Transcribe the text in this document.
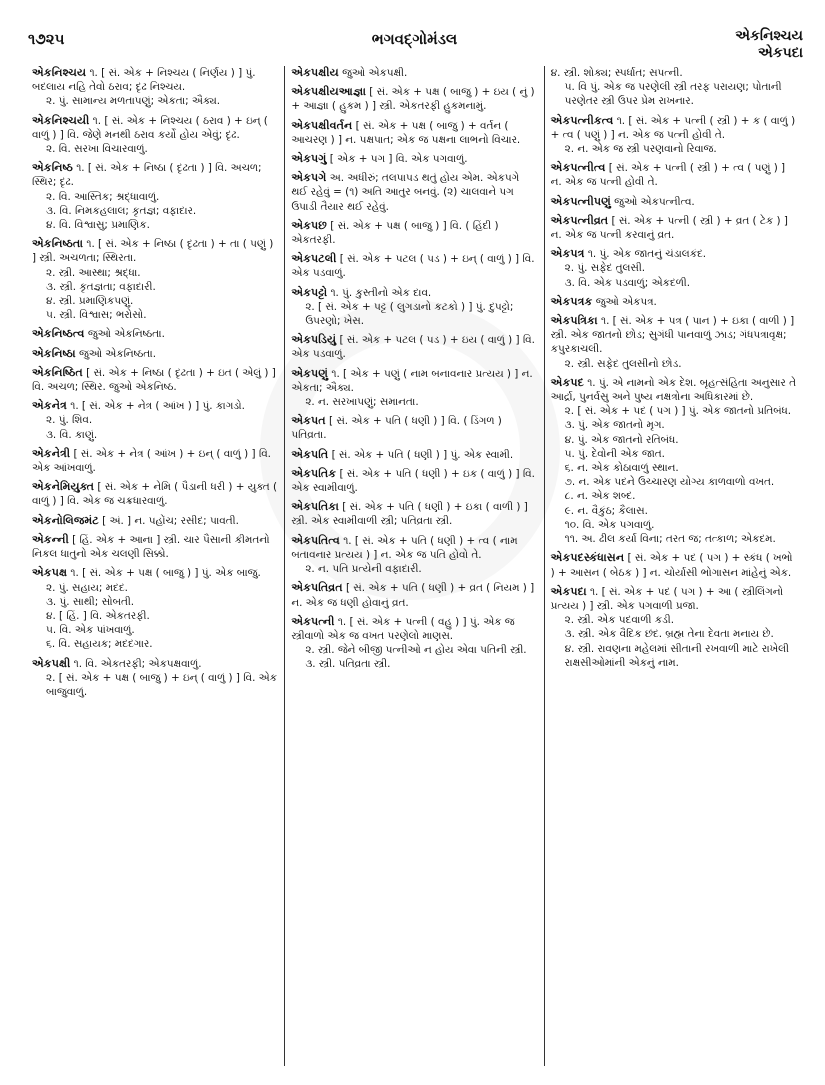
૧૭૨૫	ભગવદ્ગોમંડલ	એકનિશ્ચય
એકપદા
એકનિશ્ચય ૧. [ સં. એક + નિશ્ચય ( નિર્ણય ) ] પું. બદલાય નહિ તેવો ઠરાવ; દૃઢ નિશ્ચય.
૨. પું. સામાન્ય મળતાપણું; એકતા; ઐક્ય.
એકનિશ્ચયી ૧. [ સં. એક + નિશ્ચય ( ઠરાવ ) + ઇન્ ( વાળું ) ] વિ. જેણે મનથી ઠરાવ કર્યો હોય એવું; દૃઢ.
૨. વિ. સરખા વિચારવાળું.
એકનિષ્ઠ ૧. [ સં. એક + નિષ્ઠા ( દૃઢતા ) ] વિ. અચળ; સ્થિર; દૃઢ.
૨. વિ. આસ્તિક; શ્રદ્ધાવાળું.
૩. વિ. નિમકહલાલ; કૃતજ્ઞ; વફાદાર.
૪. વિ. વિશ્વાસુ; પ્રમાણિક.
એકનિષ્ઠતા ૧. [ સં. એક + નિષ્ઠા ( દૃઢતા ) + તા ( પણું ) ] સ્ત્રી. અચળતા; સ્થિરતા.
૨. સ્ત્રી. આસ્થા; શ્રદ્ધા.
૩. સ્ત્રી. કૃતજ્ઞતા; વફાદારી.
૪. સ્ત્રી. પ્રમાણિકપણું.
૫. સ્ત્રી. વિશ્વાસ; ભરોસો.
એકનિષ્ઠત્વ જુઓ એકનિષ્ઠતા.
એકનિષ્ઠા જુઓ એકનિષ્ઠતા.
એકનિષ્ઠિત [ સં. એક + નિષ્ઠા ( દૃઢતા ) + ઇત ( એલું ) ] વિ. અચળ; સ્થિર. જુઓ એકનિષ્ઠ.
એકનેત્ર ૧. [ સં. એક + નેત્ર ( આંખ ) ] પું. કાગડો.
૨. પું. શિવ.
૩. વિ. કાણું.
એકનેત્રી [ સં. એક + નેત્ર ( આંખ ) + ઇન્ ( વાળું ) ] વિ. એક આંખવાળું.
એકનેમિયુક્ત [ સં. એક + નેમિ ( પૈડાની ધરી ) + યુક્ત ( વાળું ) ] વિ. એક જ ચક્રધારવાળું.
એકનોલિજમંટ [ અં. ] ન. પહોંચ; રસીદ; પાવતી.
એકન્ની [ હિં. એક + આના ] સ્ત્રી. ચાર પૈસાની કીમતનો નિકલ ધાતુનો એક ચલણી સિક્કો.
એકપક્ષ ૧. [ સં. એક + પક્ષ ( બાજુ ) ] પું. એક બાજુ.
૨. પું. સહાય; મદદ.
૩. પું. સાથી; સોબતી.
૪. [ હિં. ] વિ. એકતરફી.
૫. વિ. એક પાંખવાળું.
૬. વિ. સહાયક; મદદગાર.
એકપક્ષી ૧. વિ. એકતરફી; એકપક્ષવાળું.
૨. [ સં. એક + પક્ષ ( બાજુ ) + ઇન્ ( વાળું ) ] વિ. એક બાજુવાળું.
એકપક્ષીય જુઓ એકપક્ષી.
એકપક્ષીયઆજ્ઞા [ સં. એક + પક્ષ ( બાજુ ) + ઇય ( નું ) + આજ્ઞા ( હુકમ ) ] સ્ત્રી. એકતરફી હુકમનામું.
એકપક્ષીવર્તન [ સં. એક + પક્ષ ( બાજુ ) + વર્તન ( આચરણ ) ] ન. પક્ષપાત; એક જ પક્ષના લાભનો વિચાર.
એકપગું [ એક + પગ ] વિ. એક પગવાળું.
એકપગે અ. અધીરું; તલપાપડ થતું હોય એમ. એકપગે થઈ રહેવું = (૧) અતિ આતુર બનવું. (૨) ચાલવાને પગ ઉપાડી તૈયાર થઈ રહેવું.
એકપછ [ સં. એક + પક્ષ ( બાજુ ) ] વિ. ( હિંદી ) એકતરફી.
એકપટલી [ સં. એક + પટલ ( પડ ) + ઇન્ ( વાળું ) ] વિ. એક પડવાળું.
એકપટ્ટો ૧. પું. કુસ્તીનો એક દાવ.
૨. [ સં. એક + પટ્ટ ( લુગડાનો કટકો ) ] પું. દુપટ્ટો; ઉપરણો; ખેસ.
એકપડિયું [ સં. એક + પટલ ( પડ ) + ઇય ( વાળું ) ] વિ. એક પડવાળું.
એકપણું ૧. [ એક + પણું ( નામ બનાવનાર પ્રત્યય ) ] ન. એકતા; ઐક્ય.
૨. ન. સરખાપણું; સમાનતા.
એકપત [ સં. એક + પતિ ( ધણી ) ] વિ. ( ડિંગળ ) પતિવ્રતા.
એકપતિ [ સં. એક + પતિ ( ધણી ) ] પું. એક સ્વામી.
એકપતિક [ સં. એક + પતિ ( ધણી ) + ઇક ( વાળું ) ] વિ. એક સ્વામીવાળું.
એકપતિકા [ સં. એક + પતિ ( ધણી ) + ઇકા ( વાળી ) ] સ્ત્રી. એક સ્વામીવાળી સ્ત્રી; પતિવ્રતા સ્ત્રી.
એકપતિત્વ ૧. [ સં. એક + પતિ ( ધણી ) + ત્વ ( નામ બતાવનાર પ્રત્યય ) ] ન. એક જ પતિ હોવો તે.
૨. ન. પતિ પ્રત્યેની વફાદારી.
એકપતિવ્રત [ સં. એક + પતિ ( ધણી ) + વ્રત ( નિયમ ) ] ન. એક જ ધણી હોવાનું વ્રત.
એકપત્ની ૧. [ સં. એક + પત્ની ( વહુ ) ] પું. એક જ સ્ત્રીવાળો એક જ વખત પરણેલો માણસ.
૨. સ્ત્રી. જેને બીજી પત્નીઓ ન હોય એવા પતિની સ્ત્રી.
૩. સ્ત્રી. પતિવ્રતા સ્ત્રી.
૪. સ્ત્રી. શોક્ય; સ્પર્ધાત; સપત્ની.
૫. વિ પું. એક જ પરણેલી સ્ત્રી તરફ પરાયણ; પોતાની પરણેતર સ્ત્રી ઉપર પ્રેમ રાખનાર.
એકપત્નીકત્વ ૧. [ સં. એક + પત્ની ( સ્ત્રી ) + ક ( વાળું ) + ત્વ ( પણું ) ] ન. એક જ પત્ની હોવી તે.
૨. ન. એક જ સ્ત્રી પરણવાનો રિવાજ.
એકપત્નીત્વ [ સં. એક + પત્ની ( સ્ત્રી ) + ત્વ ( પણું ) ] ન. એક જ પત્ની હોવી તે.
એકપત્નીપણું જુઓ એકપત્નીત્વ.
એકપત્નીવ્રત [ સં. એક + પત્ની ( સ્ત્રી ) + વ્રત ( ટેક ) ] ન. એક જ પત્ની કરવાનું વ્રત.
એકપત્ર ૧. પું. એક જાતનું ચંડાલકંદ.
૨. પું. સફેદ તુલસી.
૩. વિ. એક પડવાળું; એકદળી.
એકપત્રક જુઓ એકપત્ર.
એકપત્રિકા ૧. [ સં. એક + પત્ર ( પાન ) + ઇકા ( વાળી ) ] સ્ત્રી. એક જાતનો છોડ; સુગંધી પાનવાળું ઝાડ; ગંધપત્રાવૃક્ષ; કપુરકાચલી.
૨. સ્ત્રી. સફેદ તુલસીનો છોડ.
એકપદ ૧. પું. એ નામનો એક દેશ. બૃહત્સંહિતા અનુસાર તે આર્દ્રા, પુનર્વસુ અને પુષ્ય નક્ષત્રોના અધિકારમાં છે.
૨. [ સં. એક + પદ ( પગ ) ] પું. એક જાતનો પ્રતિબંધ.
૩. પું. એક જાતનો મૃગ.
૪. પું. એક જાતનો રતિબંધ.
૫. પું. દેવોની એક જાત.
૬. ન. એક કોઠાવાળું સ્થાન.
૭. ન. એક પદને ઉચ્ચારણ યોગ્ય કાળવાળો વખત.
૮. ન. એક શબ્દ.
૯. ન. વૈકુંઠ; કૈલાસ.
૧૦. વિ. એક પગવાળું.
૧૧. અ. ઢીલ કર્યા વિના; તરત જ; તત્કાળ; એકદમ.
એકપદસ્કંધાસન [ સં. એક + પદ ( પગ ) + સ્કંધ ( ખભો ) + આસન ( બેઠક ) ] ન. ચોર્યાસી ભોગાસન માંહેનું એક.
એકપદા ૧. [ સં. એક + પદ ( પગ ) + આ ( સ્ત્રીલિંગનો પ્રત્યય ) ] સ્ત્રી. એક પગવાળી પ્રજા.
૨. સ્ત્રી. એક પદવાળી કડી.
૩. સ્ત્રી. એક વૈદિક છંદ. બ્રહ્મ તેના દેવતા મનાય છે.
૪. સ્ત્રી. રાવણના મહેલમાં સીતાની રખવાળી માટે રાખેલી રાક્ષસીઓમાંની એકનું નામ.
